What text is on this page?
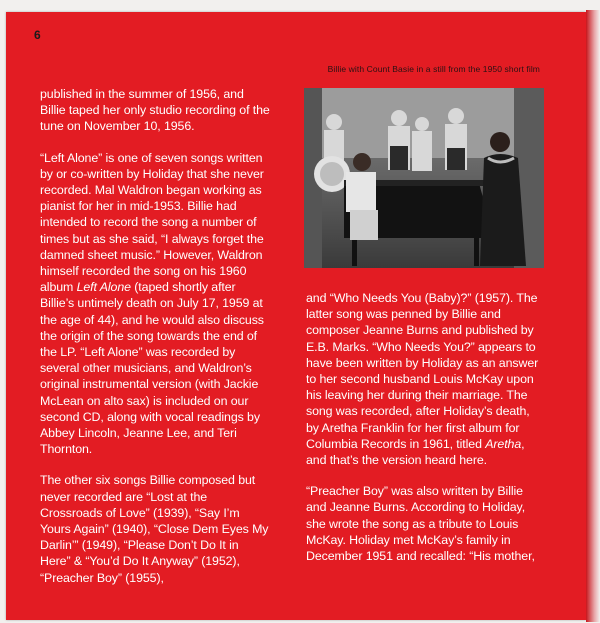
6
Billie with Count Basie in a still from the 1950 short film

published in the summer of 1956, and Billie taped her only studio recording of the tune on November 10, 1956.

“Left Alone” is one of seven songs written by or co-written by Holiday that she never recorded. Mal Waldron began working as pianist for her in mid-1953. Billie had intended to record the song a number of times but as she said, “I always forget the damned sheet music.” However, Waldron himself recorded the song on his 1960 album Left Alone (taped shortly after Billie’s untimely death on July 17, 1959 at the age of 44), and he would also discuss the origin of the song towards the end of the LP. “Left Alone” was recorded by several other musicians, and Waldron’s original instrumental version (with Jackie McLean on alto sax) is included on our second CD, along with vocal readings by Abbey Lincoln, Jeanne Lee, and Teri Thornton.

The other six songs Billie composed but never recorded are “Lost at the Crossroads of Love” (1939), “Say I’m Yours Again” (1940), “Close Dem Eyes My Darlin’” (1949), “Please Don’t Do It in Here” & “You’d Do It Anyway” (1952), “Preacher Boy” (1955),

and “Who Needs You (Baby)?” (1957). The latter song was penned by Billie and composer Jeanne Burns and published by E.B. Marks. “Who Needs You?” appears to have been written by Holiday as an answer to her second husband Louis McKay upon his leaving her during their marriage. The song was recorded, after Holiday’s death, by Aretha Franklin for her first album for Columbia Records in 1961, titled Aretha, and that’s the version heard here.

“Preacher Boy” was also written by Billie and Jeanne Burns. According to Holiday, she wrote the song as a tribute to Louis McKay. Holiday met McKay’s family in December 1951 and recalled: “His mother,
